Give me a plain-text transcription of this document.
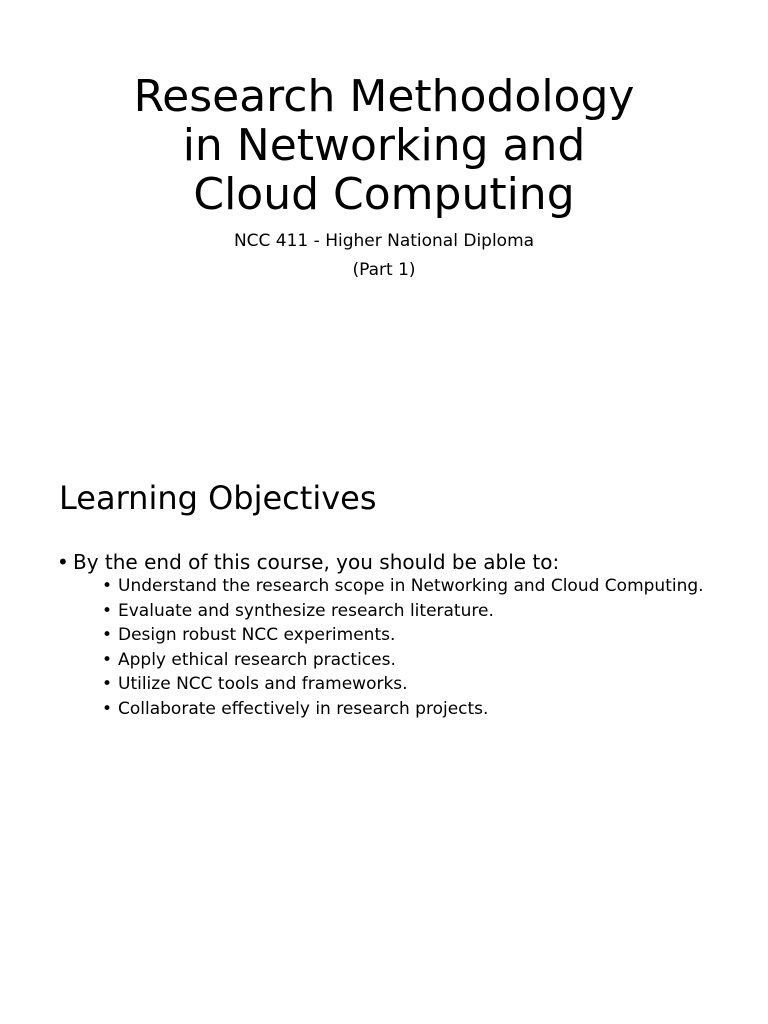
Research Methodology
in Networking and
Cloud Computing

NCC 411 - Higher National Diploma
(Part 1)

Learning Objectives
• By the end of this course, you should be able to:
• Understand the research scope in Networking and Cloud Computing.
• Evaluate and synthesize research literature.
• Design robust NCC experiments.
• Apply ethical research practices.
• Utilize NCC tools and frameworks.
• Collaborate effectively in research projects.
